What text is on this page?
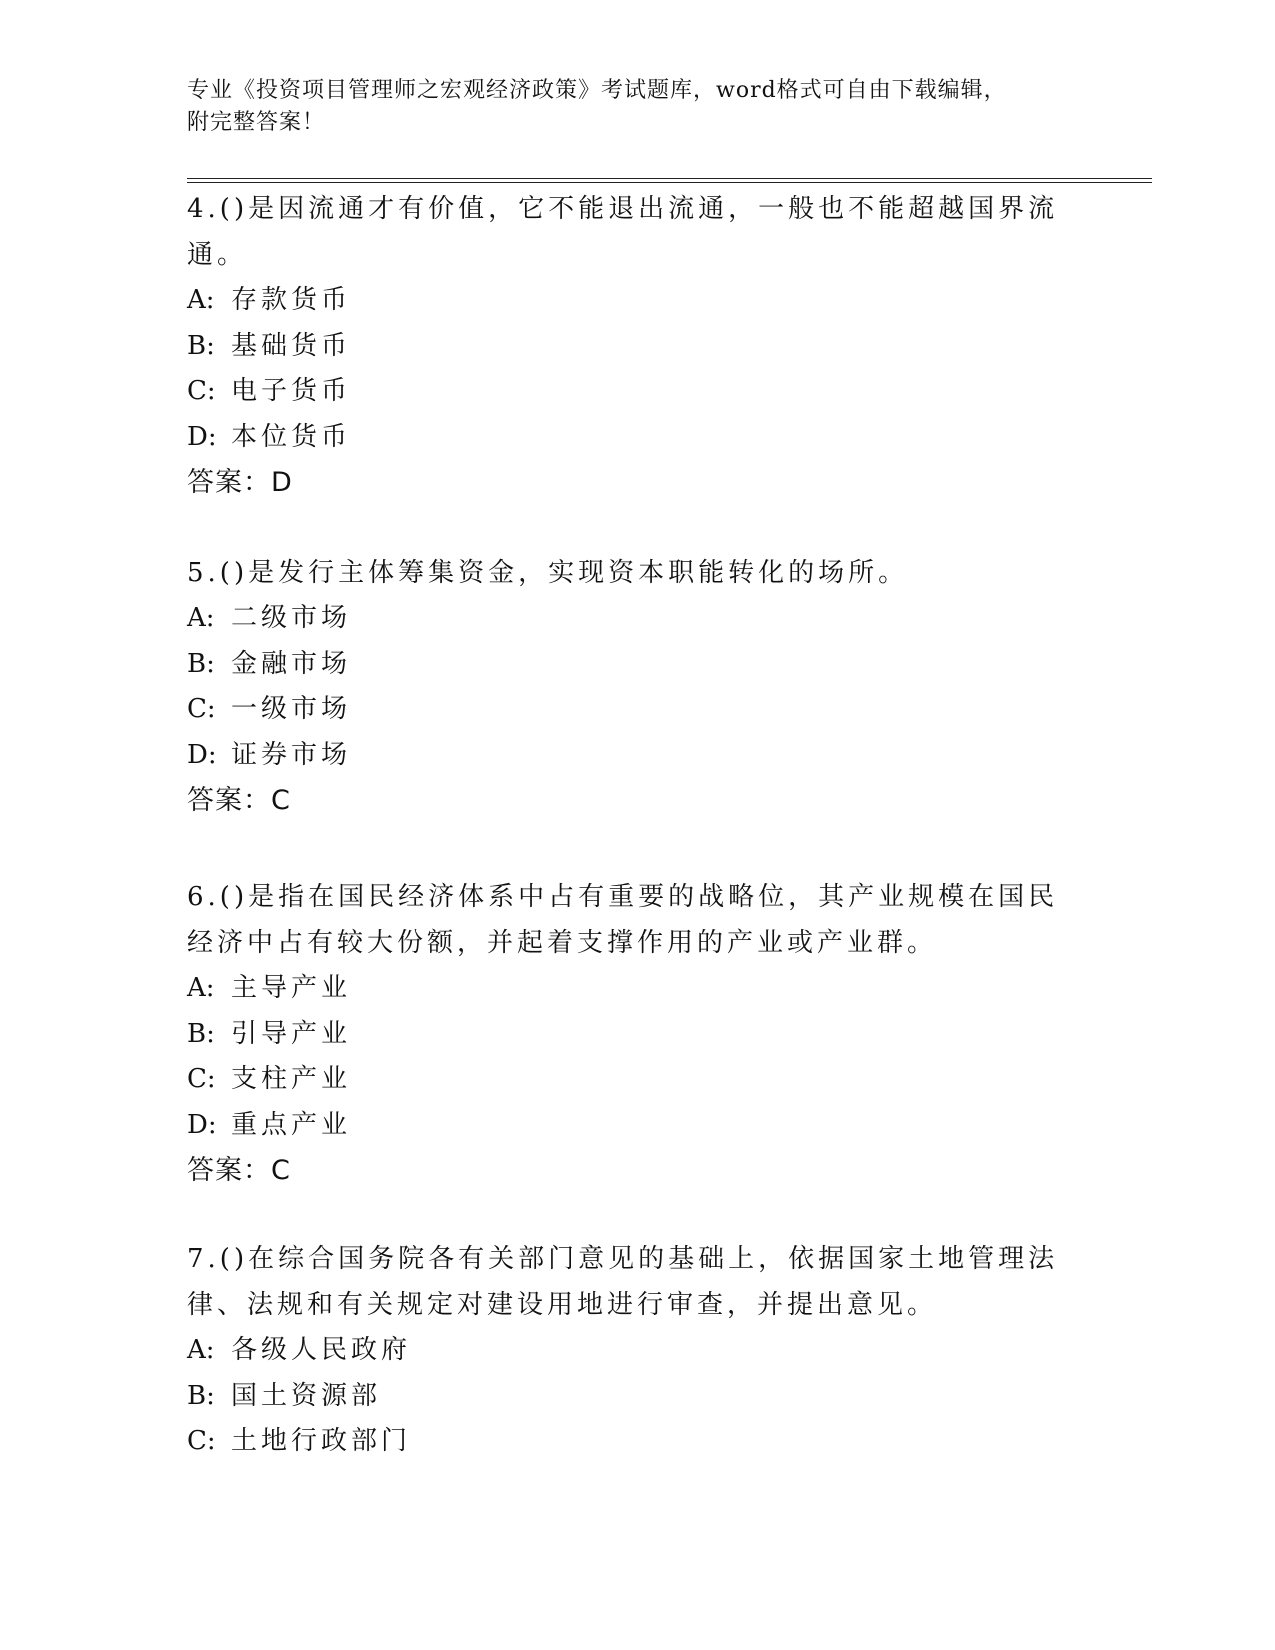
专业《投资项目管理师之宏观经济政策》考试题库，word格式可自由下载编辑，
附完整答案！

4.()是因流通才有价值，它不能退出流通，一般也不能超越国界流通。

A: 存款货币

B: 基础货币

C: 电子货币

D: 本位货币

答案：D

5.()是发行主体筹集资金，实现资本职能转化的场所。

A: 二级市场

B: 金融市场

C: 一级市场

D: 证券市场

答案：C

6.()是指在国民经济体系中占有重要的战略位，其产业规模在国民经济中占有较大份额，并起着支撑作用的产业或产业群。

A: 主导产业

B: 引导产业

C: 支柱产业

D: 重点产业

答案：C

7.()在综合国务院各有关部门意见的基础上，依据国家土地管理法律、法规和有关规定对建设用地进行审查，并提出意见。

A: 各级人民政府

B: 国土资源部

C: 土地行政部门
